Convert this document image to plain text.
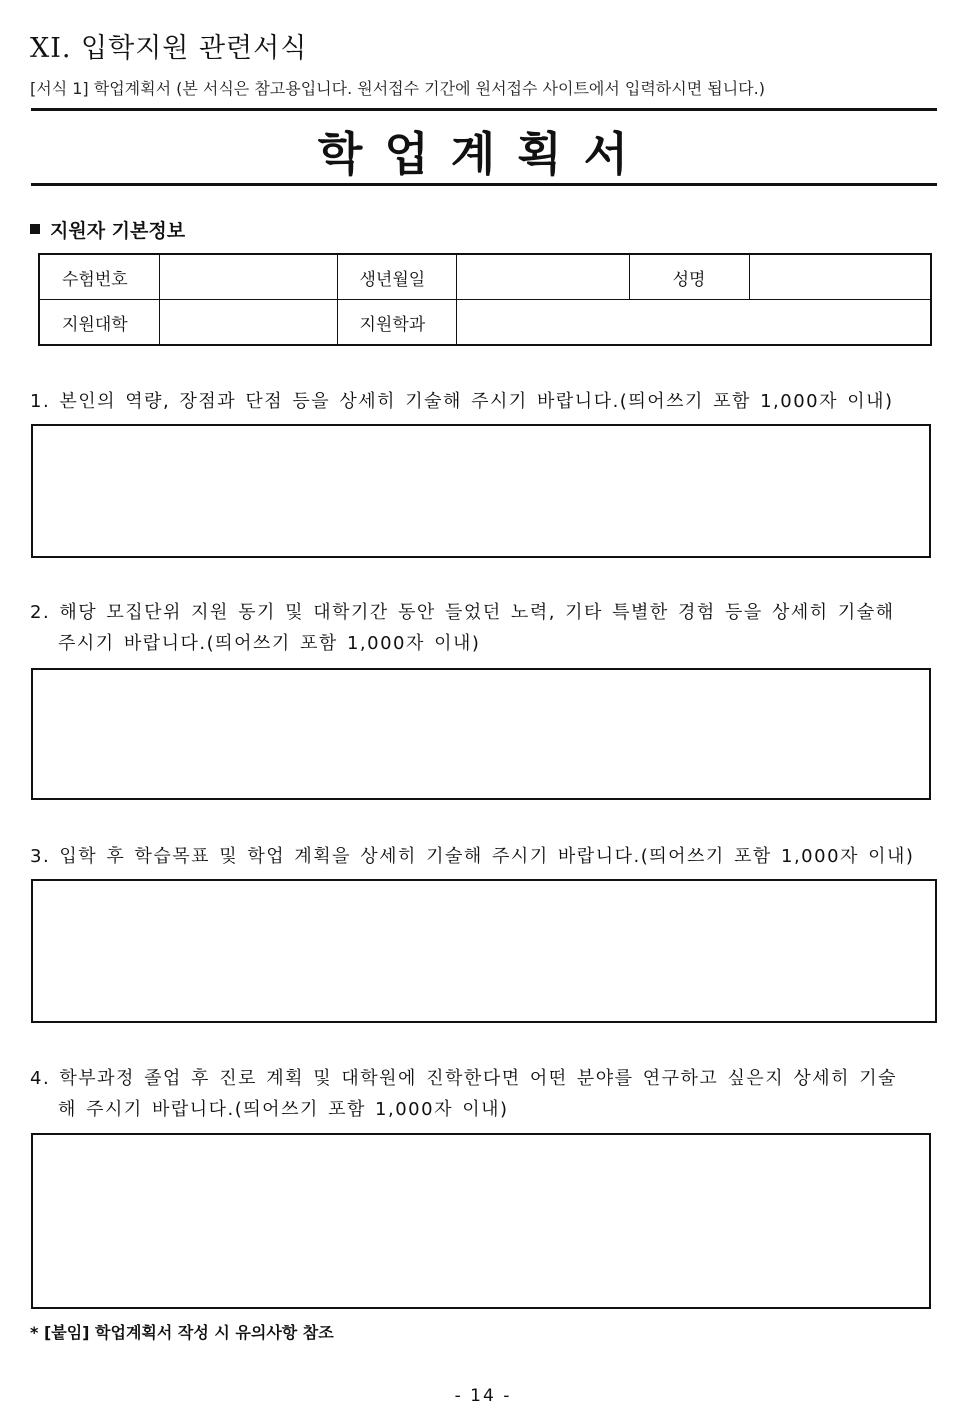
XI. 입학지원 관련서식
[서식 1] 학업계획서 (본 서식은 참고용입니다. 원서접수 기간에 원서접수 사이트에서 입력하시면 됩니다.)
학업계획서
지원자 기본정보
수험번호		생년월일		성명	
지원대학		지원학과			
1. 본인의 역량, 장점과 단점 등을 상세히 기술해 주시기 바랍니다.(띄어쓰기 포함 1,000자 이내)
2. 해당 모집단위 지원 동기 및 대학기간 동안 들었던 노력, 기타 특별한 경험 등을 상세히 기술해
주시기 바랍니다.(띄어쓰기 포함 1,000자 이내)
3. 입학 후 학습목표 및 학업 계획을 상세히 기술해 주시기 바랍니다.(띄어쓰기 포함 1,000자 이내)
4. 학부과정 졸업 후 진로 계획 및 대학원에 진학한다면 어떤 분야를 연구하고 싶은지 상세히 기술
해 주시기 바랍니다.(띄어쓰기 포함 1,000자 이내)
* [붙임] 학업계획서 작성 시 유의사항 참조
- 14 -
